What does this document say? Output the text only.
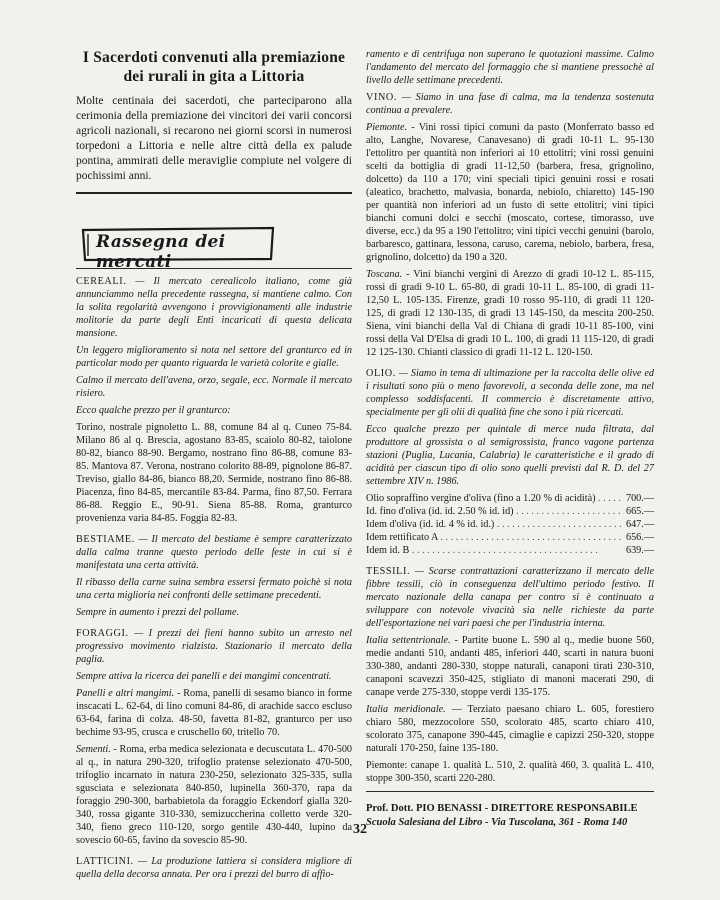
I Sacerdoti convenuti alla premiazione dei rurali in gita a Littoria

Molte centinaia dei sacerdoti, che parteciparono alla cerimonia della premiazione dei vincitori dei varii concorsi agricoli nazionali, si recarono nei giorni scorsi in numerosi torpedoni a Littoria e nelle altre città della ex palude pontina, ammirati delle meraviglie compiute nel volgere di pochissimi anni.

Rassegna dei mercati

CEREALI. — Il mercato cerealicolo italiano, come già annunciammo nella precedente rassegna, si mantiene calmo. Con la solita regolarità avvengono i provvigionamenti alle industrie molitorie da parte degli Enti incaricati di questa delicata mansione.

Un leggero miglioramento si nota nel settore del granturco ed in particolar modo per quanto riguarda le varietà colorite e gialle.

Calmo il mercato dell'avena, orzo, segale, ecc. Normale il mercato risiero.

Ecco qualche prezzo per il granturco:

Torino, nostrale pignoletto L. 88, comune 84 al q. Cuneo 75-84. Milano 86 al q. Brescia, agostano 83-85, scaiolo 80-82, taiolone 80-82, bianco 88-90. Bergamo, nostrano fino 86-88, comune 83-85. Mantova 87. Verona, nostrano colorito 88-89, pignolone 86-87. Treviso, giallo 84-86, bianco 88,20. Sermide, nostrano fino 86-88. Piacenza, fino 84-85, mercantile 83-84. Parma, fino 87,50. Ferrara 86-88. Reggio E., 90-91. Siena 85-88. Roma, granturco provenienza varia 84-85. Foggia 82-83.

BESTIAME. — Il mercato del bestiame è sempre caratterizzato dalla calma tranne questo periodo delle feste in cui si è manifestata una certa attività.

Il ribasso della carne suina sembra essersi fermato poichè si nota una certa miglioria nei confronti delle settimane precedenti.

Sempre in aumento i prezzi del pollame.

FORAGGI. — I prezzi dei fieni hanno subito un arresto nel progressivo movimento rialzista. Stazionario il mercato della paglia.

Sempre attiva la ricerca dei panelli e dei mangimi concentrati.

Panelli e altri mangimi. - Roma, panelli di sesamo bianco in forme inscacati L. 62-64, di lino comuni 84-86, di arachide sacco escluso 63-64, farina di colza. 48-50, favetta 81-82, granturco per uso bechime 93-95, crusca e cruschello 60, tritello 70.

Sementi. - Roma, erba medica selezionata e decuscutata L. 470-500 al q., in natura 290-320, trifoglio pratense selezionato 470-500, trifoglio incarnato in natura 230-250, selezionato 325-335, sulla sgusciata e selezionata 840-850, lupinella 360-370, rapa da foraggio 290-300, barbabietola da foraggio Eckendorf gialla 320-340, rossa gigante 310-330, semizuccherina colletto verde 320-340, fieno greco 110-120, sorgo gentile 430-440, lupino da sovescio 60-65, favino da sovescio 85-90.

LATTICINI. — La produzione lattiera si considera migliore di quella della decorsa annata. Per ora i prezzi del burro di affio-

ramento e di centrifuga non superano le quotazioni massime. Calmo l'andamento del mercato del formaggio che si mantiene pressochè al livello delle settimane precedenti.

VINO. — Siamo in una fase di calma, ma la tendenza sostenuta continua a prevalere.

Piemonte. - Vini rossi tipici comuni da pasto (Monferrato basso ed alto, Langhe, Novarese, Canavesano) di gradi 10-11 L. 95-130 l'ettolitro per quantità non inferiori ai 10 ettolitri; vini rossi genuini scelti da bottiglia di gradi 11-12,50 (barbera, fresa, grignolino, dolcetto) da 110 a 170; vini speciali tipici genuini rossi e rosati (aleatico, brachetto, malvasia, bonarda, nebiolo, chiaretto) 145-190 per quantità non inferiori ad un fusto di sette ettolitri; vini tipici bianchi comuni dolci e secchi (moscato, cortese, timorasso, uve diverse, ecc.) da 95 a 190 l'ettolitro; vini tipici vecchi genuini (barolo, barbaresco, gattinara, lessona, caruso, carema, nebiolo, barbera, fresa, grignolino, dolcetto) da 190 a 320.

Toscana. - Vini bianchi vergini di Arezzo di gradi 10-12 L. 85-115, rossi di gradi 9-10 L. 65-80, di gradi 10-11 L. 85-100, di gradi 11-12,50 L. 105-135. Firenze, gradi 10 rosso 95-110, di gradi 11 120-125, di gradi 12 130-135, di gradi 13 145-150, da mescita 200-250. Siena, vini bianchi della Val di Chiana di gradi 10-11 85-100, vini rossi della Val D'Elsa di gradi 10 L. 100, di gradi 11 115-120, di gradi 12 125-130. Chianti classico di gradi 11-12 L. 120-150.

OLIO. — Siamo in tema di ultimazione per la raccolta delle olive ed i risultati sono più o meno favorevoli, a seconda delle zone, ma nel complesso soddisfacenti. Il commercio è discretamente attivo, specialmente per gli olii di qualità fine che sono i più ricercati.

Ecco qualche prezzo per quintale di merce nuda filtrata, dal produttore al grossista o al semigrossista, franco vagone partenza stazioni (Puglia, Lucania, Calabria) le caratteristiche e il grado di acidità per ciascun tipo di olio sono quelli previsti dal R. D. del 27 settembre XIV n. 1986.

Olio sopraffino vergine d'oliva (fino a 1.20 % di acidità) . . .	700.—
Id. fino d'oliva (id. id. 2.50 % id. id) . . .	665.—
Idem d'oliva (id. id. 4 % id. id.) . . .	647.—
Idem rettificato A . . .	656.—
Idem id. B . . .	639.—

TESSILI. — Scarse contrattazioni caratterizzano il mercato delle fibbre tessili, ciò in conseguenza dell'ultimo periodo festivo. Il mercato nazionale della canapa per contro si è continuato a sviluppare con notevole vivacità sia nelle richieste da parte dell'esportazione nei vari paesi che per l'industria interna.

Italia settentrionale. - Partite buone L. 590 al q., medie buone 560, medie andanti 510, andanti 485, inferiori 440, scarti in natura buoni 330-380, andanti 280-330, stoppe naturali, canaponi tirati 230-310, canaponi scavezzi 350-425, stigliato di manoni macerati 290, di canape verde 275-330, stoppe verdi 135-175.

Italia meridionale. — Terziato paesano chiaro L. 605, forestiero chiaro 580, mezzocolore 550, scolorato 485, scarto chiaro 410, scolorato 375, canapone 390-445, cimaglie e capizzi 250-320, stoppe naturali 170-250, faine 135-180.

Piemonte: canape 1. qualità L. 510, 2. qualità 460, 3. qualità L. 410, stoppe 300-350, scarti 220-280.

Prof. Dott. PIO BENASSI - DIRETTORE RESPONSABILE
Scuola Salesiana del Libro - Via Tuscolana, 361 - Roma 140
32
